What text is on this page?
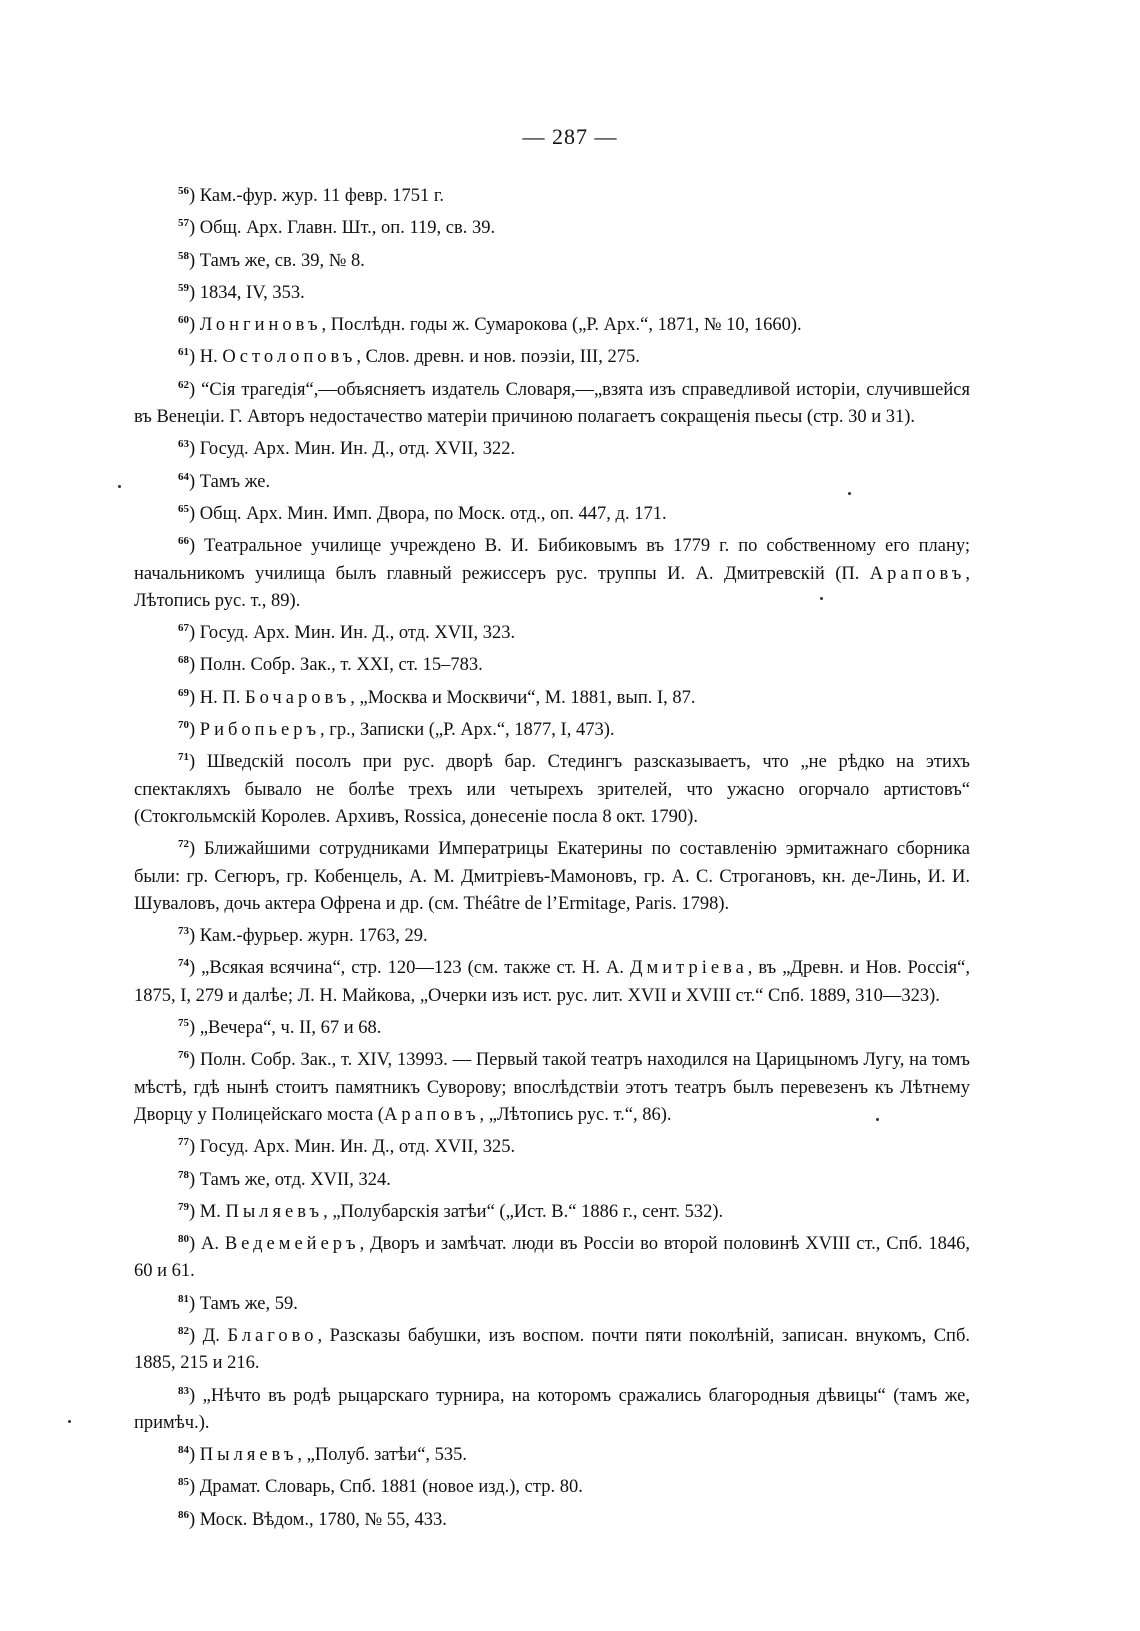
— 287 —

$^{56}$) Кам.-фур. жур. 11 февр. 1751 г.

$^{57}$) Общ. Арх. Главн. Шт., оп. 119, св. 39.

$^{58}$) Тамъ же, св. 39, № 8.

$^{59}$) 1834, IV, 353.

$^{60}$) Лонгиновъ, Послѣдн. годы ж. Сумарокова („Р. Арх.“, 1871, № 10, 1660).

$^{61}$) Н. Остолоповъ, Слов. древн. и нов. поэзіи, III, 275.

$^{62}$) “Сія трагедія“,—объясняетъ издатель Словаря,—„взята изъ справедливой исторіи, случившейся въ Венеціи. Г. Авторъ недостачество матеріи причиною полагаетъ сокращенія пьесы (стр. 30 и 31).

$^{63}$) Госуд. Арх. Мин. Ин. Д., отд. XVII, 322.

$^{64}$) Тамъ же.

$^{65}$) Общ. Арх. Мин. Имп. Двора, по Моск. отд., оп. 447, д. 171.

$^{66}$) Театральное училище учреждено В. И. Бибиковымъ въ 1779 г. по собственному его плану; начальникомъ училища былъ главный режиссеръ рус. труппы И. А. Дмитревскій (П. Араповъ, Лѣтопись рус. т., 89).

$^{67}$) Госуд. Арх. Мин. Ин. Д., отд. XVII, 323.

$^{68}$) Полн. Собр. Зак., т. XXI, ст. 15–783.

$^{69}$) Н. П. Бочаровъ, „Москва и Москвичи“, М. 1881, вып. I, 87.

$^{70}$) Рибопьеръ, гр., Записки („Р. Арх.“, 1877, I, 473).

$^{71}$) Шведскій посолъ при рус. дворѣ бар. Стедингъ разсказываетъ, что „не рѣдко на этихъ спектакляхъ бывало не болѣе трехъ или четырехъ зрителей, что ужасно огорчало артистовъ“ (Стокгольмскій Королев. Архивъ, Rossica, донесеніе посла 8 окт. 1790).

$^{72}$) Ближайшими сотрудниками Императрицы Екатерины по составленію эрмитажнаго сборника были: гр. Сегюръ, гр. Кобенцель, А. М. Дмитріевъ-Мамоновъ, гр. А. С. Строгановъ, кн. де-Линь, И. И. Шуваловъ, дочь актера Офрена и др. (см. Théâtre de l’Ermitage, Paris. 1798).

$^{73}$) Кам.-фурьер. журн. 1763, 29.

$^{74}$) „Всякая всячина“, стр. 120—123 (см. также ст. Н. А. Дмитріева, въ „Древн. и Нов. Россія“, 1875, I, 279 и далѣе; Л. Н. Майкова, „Очерки изъ ист. рус. лит. XVII и XVIII ст.“ Спб. 1889, 310—323).

$^{75}$) „Вечера“, ч. II, 67 и 68.

$^{76}$) Полн. Собр. Зак., т. XIV, 13993. — Первый такой театръ находился на Царицыномъ Лугу, на томъ мѣстѣ, гдѣ нынѣ стоитъ памятникъ Суворову; впослѣдствіи этотъ театръ былъ перевезенъ къ Лѣтнему Дворцу у Полицейскаго моста (Араповъ, „Лѣтопись рус. т.“, 86).

$^{77}$) Госуд. Арх. Мин. Ин. Д., отд. XVII, 325.

$^{78}$) Тамъ же, отд. XVII, 324.

$^{79}$) М. Пыляевъ, „Полубарскія затѣи“ („Ист. В.“ 1886 г., сент. 532).

$^{80}$) А. Ведемейеръ, Дворъ и замѣчат. люди въ Россіи во второй половинѣ XVIII ст., Спб. 1846, 60 и 61.

$^{81}$) Тамъ же, 59.

$^{82}$) Д. Благово, Разсказы бабушки, изъ воспом. почти пяти поколѣній, записан. внукомъ, Спб. 1885, 215 и 216.

$^{83}$) „Нѣчто въ родѣ рыцарскаго турнира, на которомъ сражались благородныя дѣвицы“ (тамъ же, примѣч.).

$^{84}$) Пыляевъ, „Полуб. затѣи“, 535.

$^{85}$) Драмат. Словарь, Спб. 1881 (новое изд.), стр. 80.

$^{86}$) Моск. Вѣдом., 1780, № 55, 433.
